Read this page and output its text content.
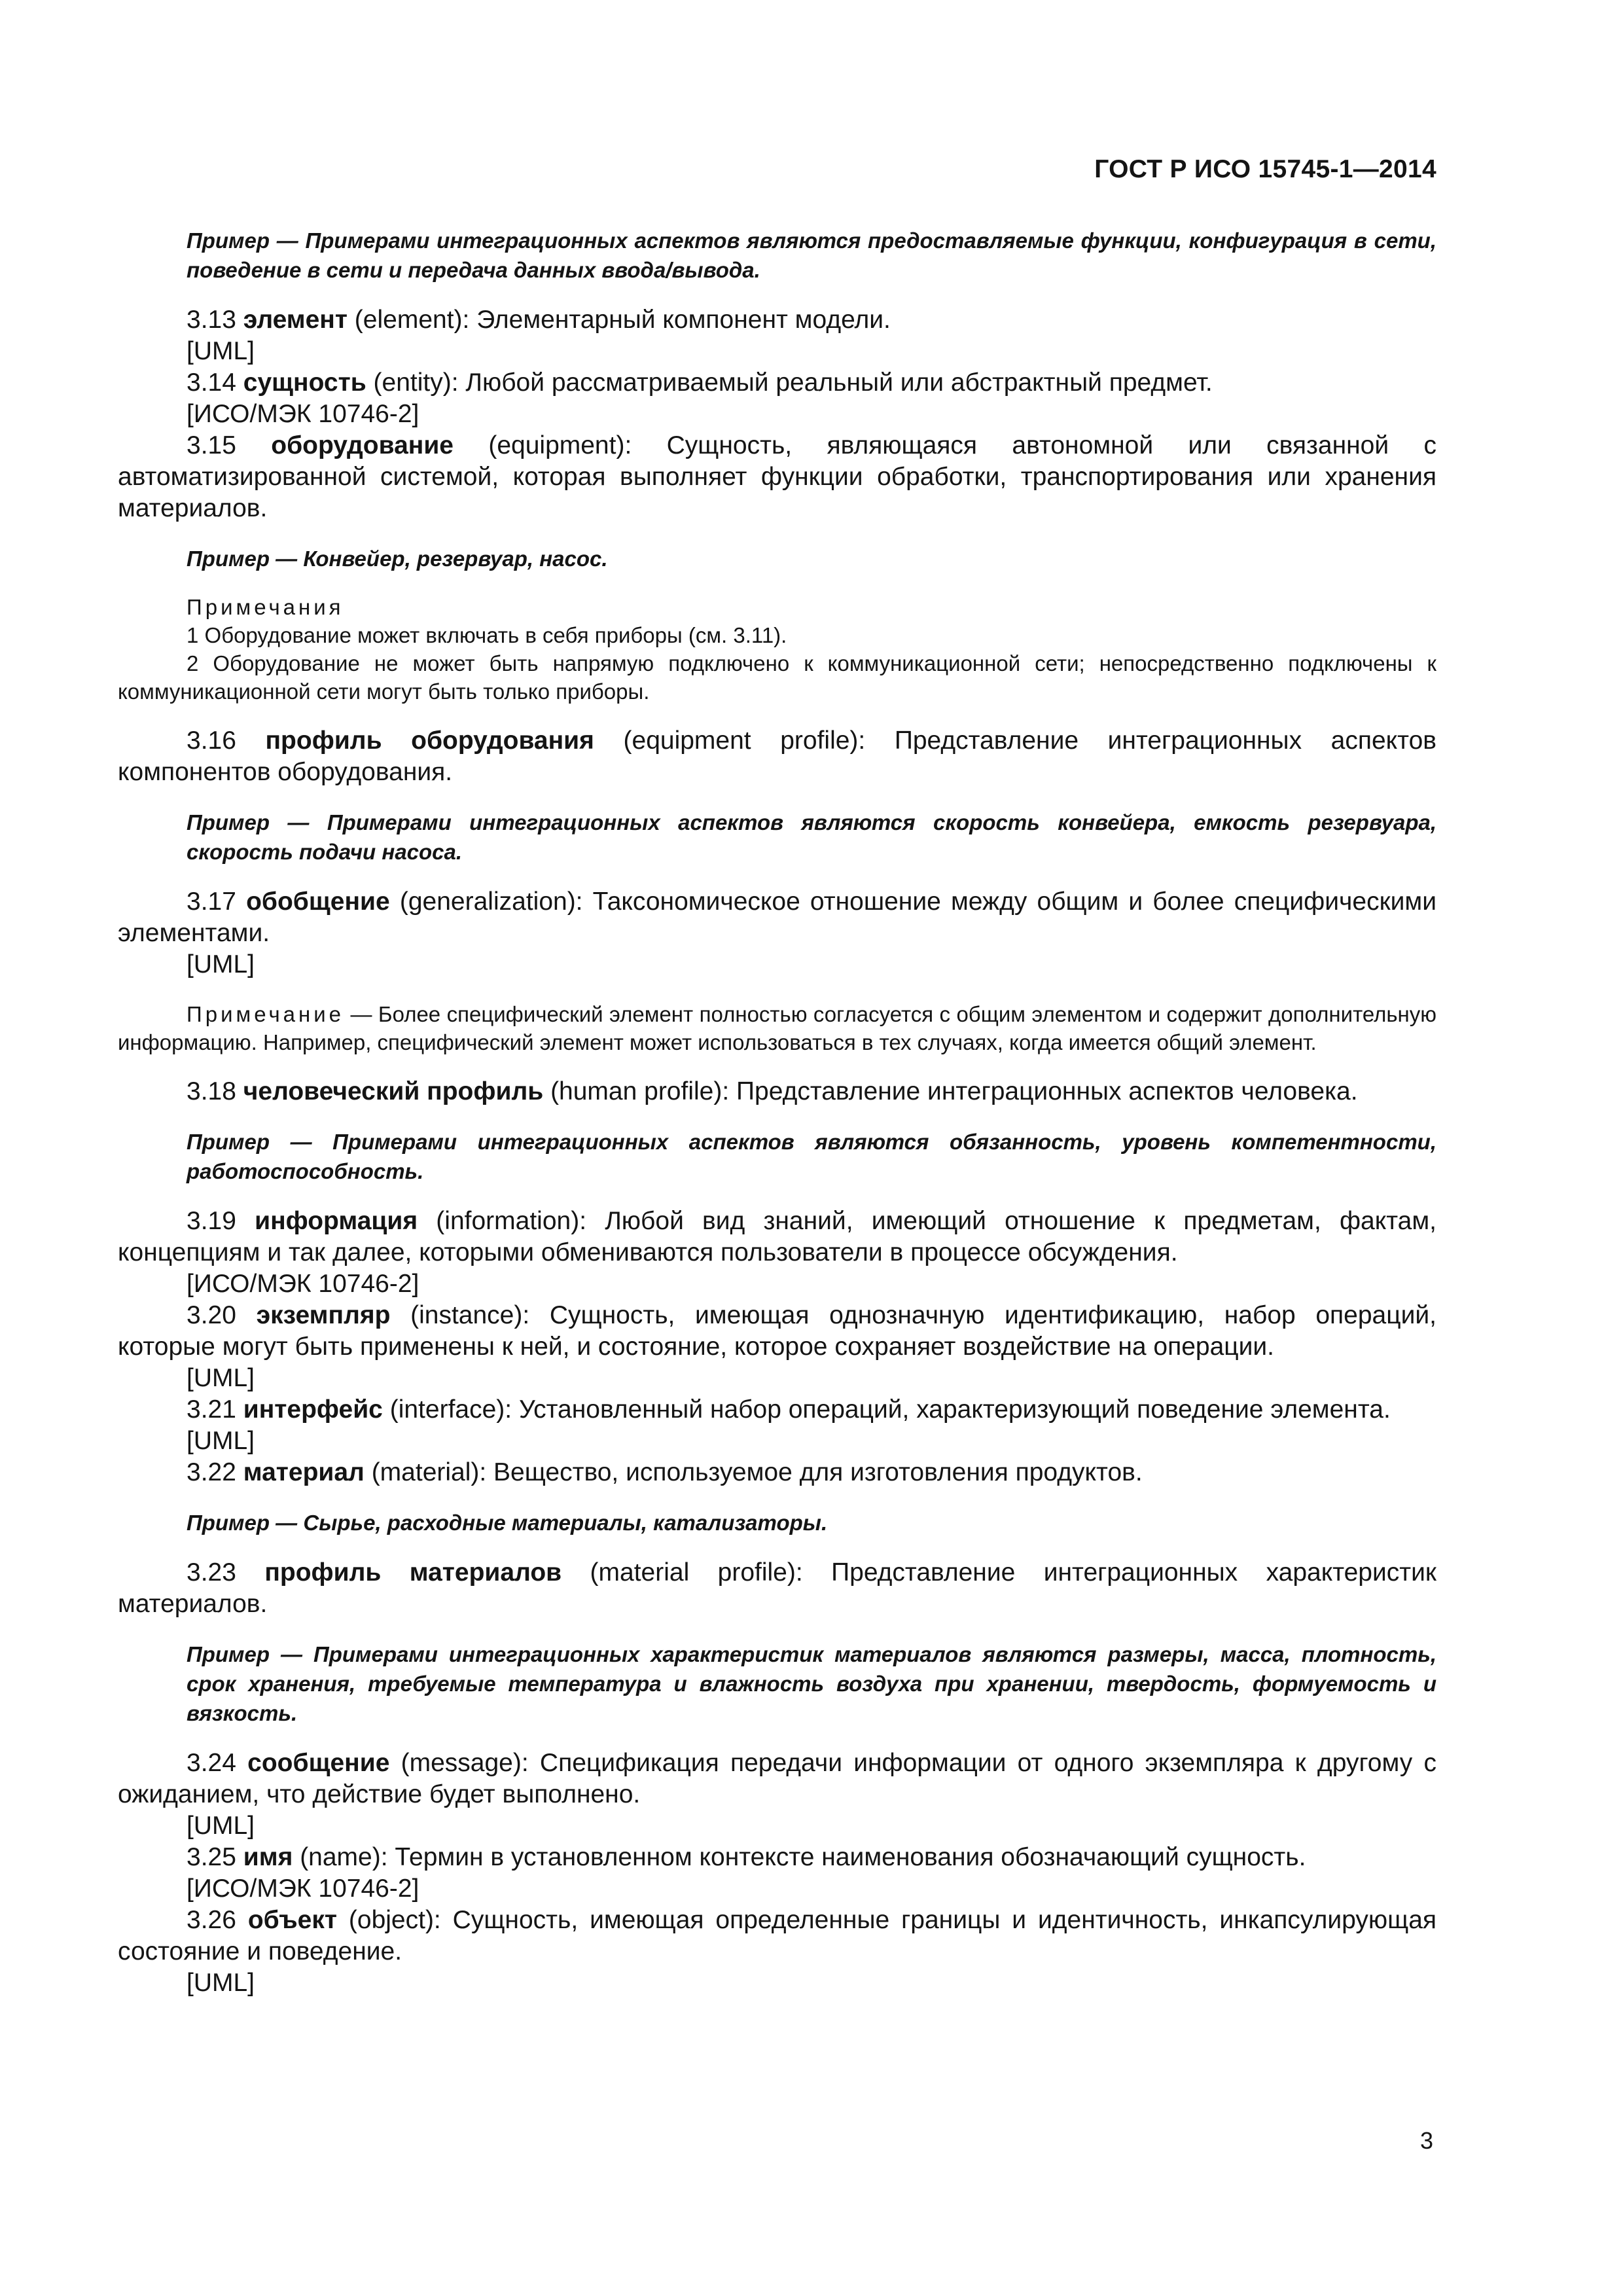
ГОСТ Р ИСО 15745-1—2014

Пример — Примерами интеграционных аспектов являются предоставляемые функции, конфигурация в сети, поведение в сети и передача данных ввода/вывода.

3.13 элемент (element): Элементарный компонент модели.

[UML]

3.14 сущность (entity): Любой рассматриваемый реальный или абстрактный предмет.

[ИСО/МЭК 10746-2]

3.15 оборудование (equipment): Сущность, являющаяся автономной или связанной с автоматизированной системой, которая выполняет функции обработки, транспортирования или хранения материалов.

Пример — Конвейер, резервуар, насос.

Примечания

1 Оборудование может включать в себя приборы (см. 3.11).

2 Оборудование не может быть напрямую подключено к коммуникационной сети; непосредственно подключены к коммуникационной сети могут быть только приборы.

3.16 профиль оборудования (equipment profile): Представление интеграционных аспектов компонентов оборудования.

Пример — Примерами интеграционных аспектов являются скорость конвейера, емкость резервуара, скорость подачи насоса.

3.17 обобщение (generalization): Таксономическое отношение между общим и более специфическими элементами.

[UML]

Примечание — Более специфический элемент полностью согласуется с общим элементом и содержит дополнительную информацию. Например, специфический элемент может использоваться в тех случаях, когда имеется общий элемент.

3.18 человеческий профиль (human profile): Представление интеграционных аспектов человека.

Пример — Примерами интеграционных аспектов являются обязанность, уровень компетентности, работоспособность.

3.19 информация (information): Любой вид знаний, имеющий отношение к предметам, фактам, концепциям и так далее, которыми обмениваются пользователи в процессе обсуждения.

[ИСО/МЭК 10746-2]

3.20 экземпляр (instance): Сущность, имеющая однозначную идентификацию, набор операций, которые могут быть применены к ней, и состояние, которое сохраняет воздействие на операции.

[UML]

3.21 интерфейс (interface): Установленный набор операций, характеризующий поведение элемента.

[UML]

3.22 материал (material): Вещество, используемое для изготовления продуктов.

Пример — Сырье, расходные материалы, катализаторы.

3.23 профиль материалов (material profile): Представление интеграционных характеристик материалов.

Пример — Примерами интеграционных характеристик материалов являются размеры, масса, плотность, срок хранения, требуемые температура и влажность воздуха при хранении, твердость, формуемость и вязкость.

3.24 сообщение (message): Спецификация передачи информации от одного экземпляра к другому с ожиданием, что действие будет выполнено.

[UML]

3.25 имя (name): Термин в установленном контексте наименования обозначающий сущность.

[ИСО/МЭК 10746-2]

3.26 объект (object): Сущность, имеющая определенные границы и идентичность, инкапсулирующая состояние и поведение.

[UML]

3
